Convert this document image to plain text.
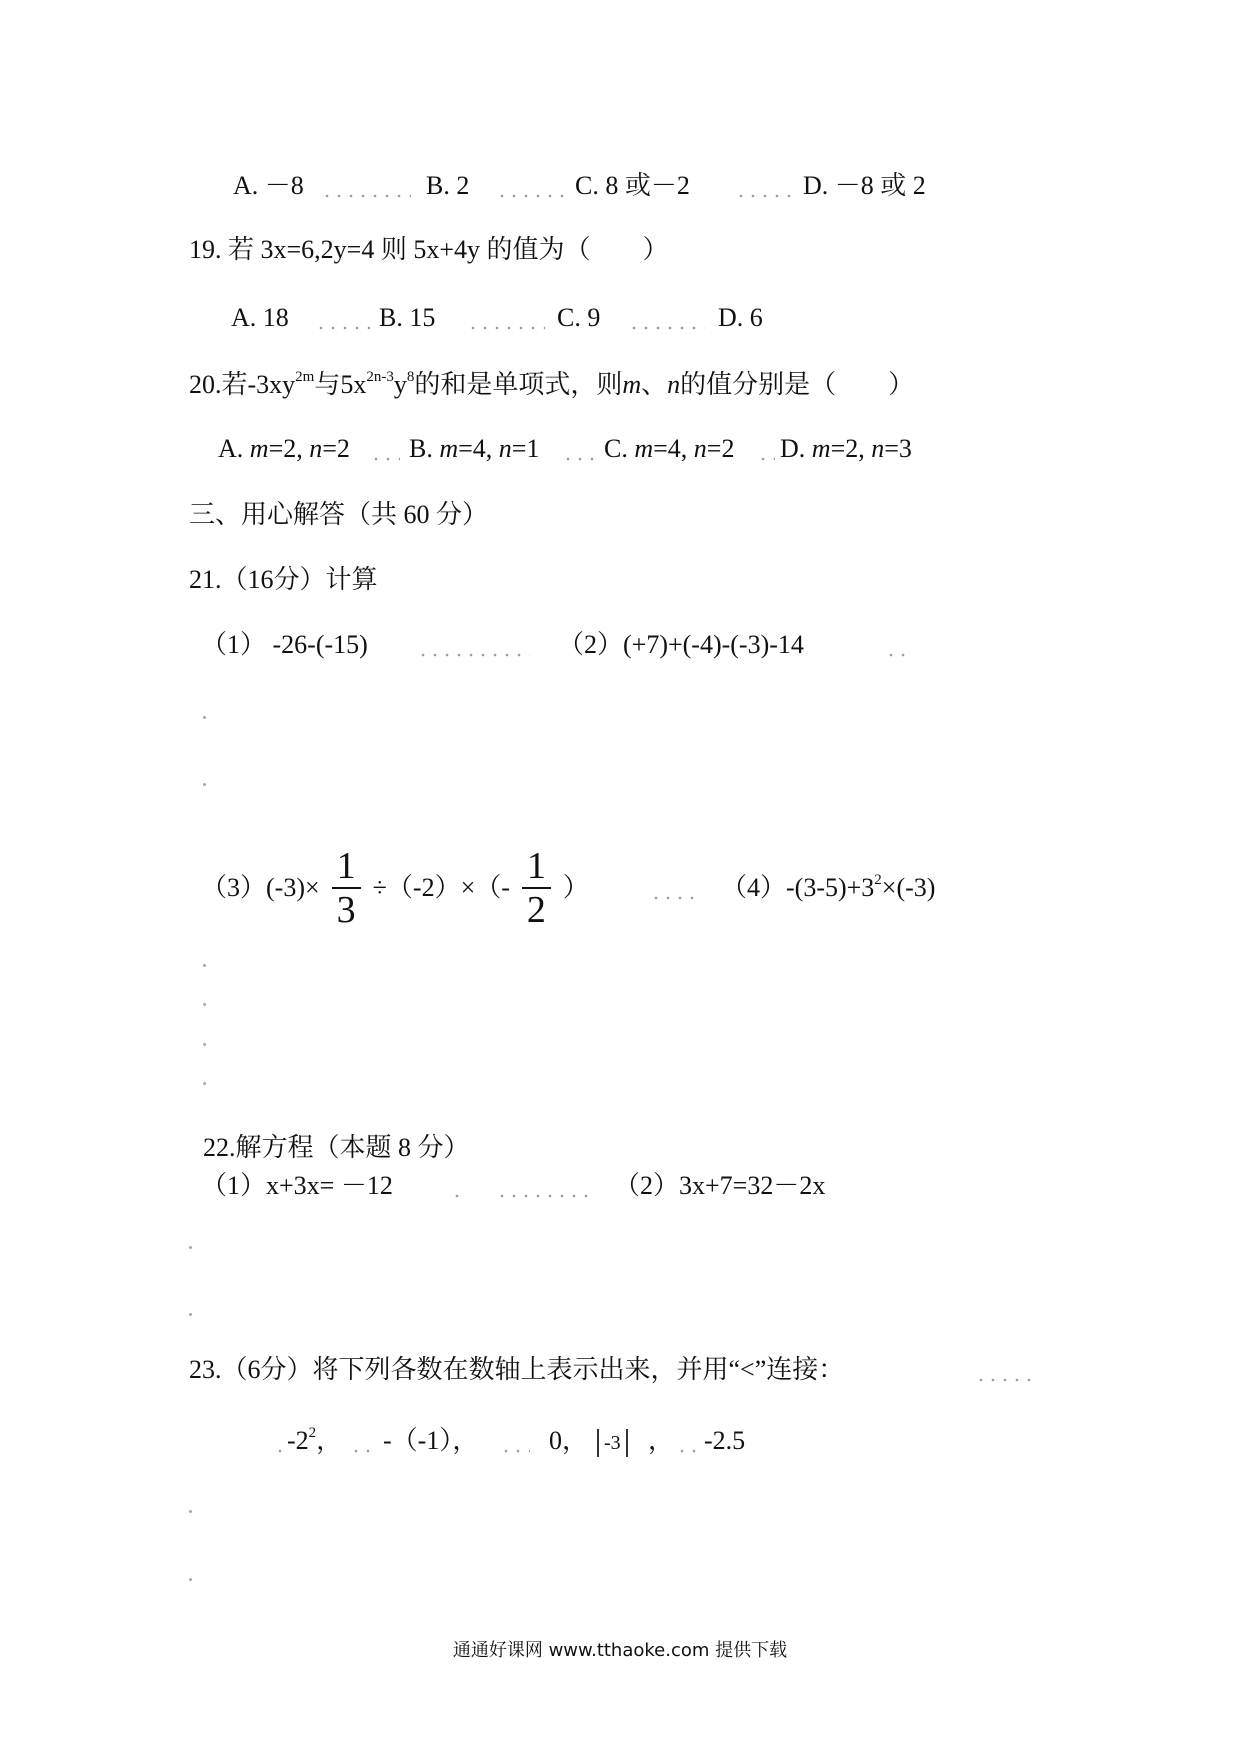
A. －8	B. 2	C. 8 或－2	D. －8 或 2
19. 若 3x=6,2y=4 则 5x+4y 的值为（　　）
A. 18	B. 15	C. 9	D. 6
20.若$-3xy^{2m}$与$5x^{2n-3}y^8$的和是单项式，则m、n的值分别是（　　）
A. m=2, n=2 B. m=4, n=1 C. m=4, n=2 D. m=2, n=3
三、用心解答（共 60 分）
21.（16分）计算
（1） -26-(-15)	（2）(+7)+(-4)-(-3)-14
$(3)(-3)\times \frac{1}{3} \div(-2)\times(- \frac{1}{2}$ ）	$(4)-(3-5)+3^2\times(-3)$
22.解方程（本题 8 分）
（1）x+3x= －12	（2）3x+7=32－2x
23.（6分）将下列各数在数轴上表示出来，并用“<”连接：
$-2^2$， -（-1），	0， -3 ， -2.5
通通好课网 www.tthaoke.com 提供下载
